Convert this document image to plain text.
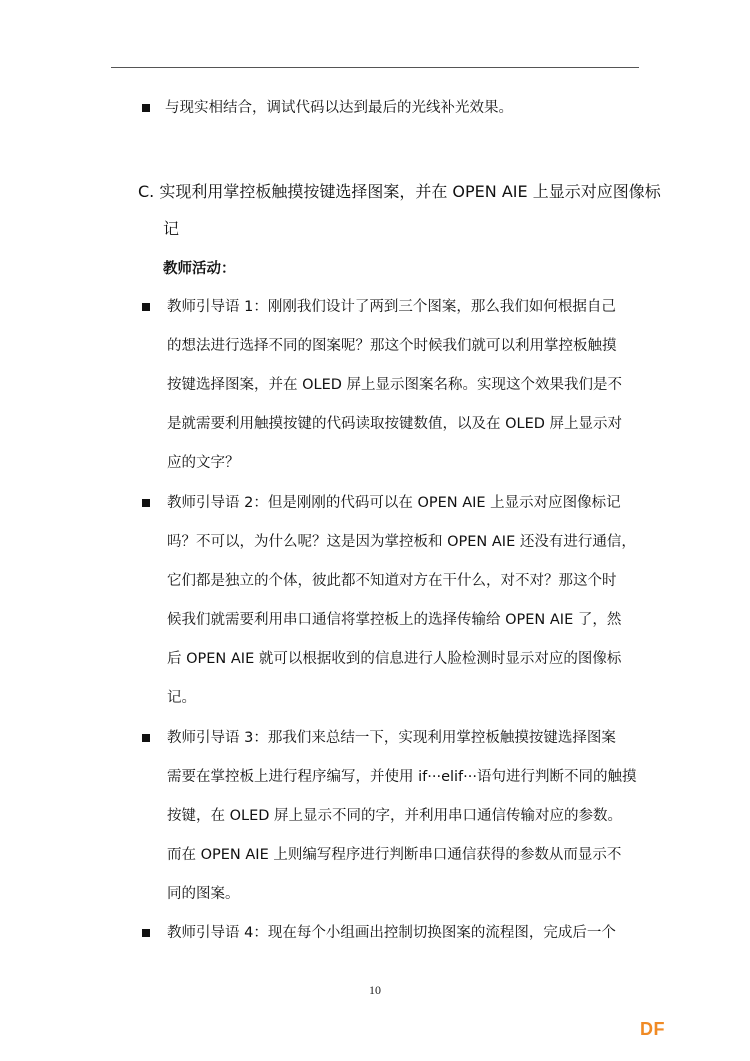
与现实相结合，调试代码以达到最后的光线补光效果。
C. 实现利用掌控板触摸按键选择图案，并在 OPEN AIE 上显示对应图像标
记
教师活动：
教师引导语 1：刚刚我们设计了两到三个图案，那么我们如何根据自己
的想法进行选择不同的图案呢？那这个时候我们就可以利用掌控板触摸
按键选择图案，并在 OLED 屏上显示图案名称。实现这个效果我们是不
是就需要利用触摸按键的代码读取按键数值，以及在 OLED 屏上显示对
应的文字？
教师引导语 2：但是刚刚的代码可以在 OPEN AIE 上显示对应图像标记
吗？不可以，为什么呢？这是因为掌控板和 OPEN AIE 还没有进行通信，
它们都是独立的个体，彼此都不知道对方在干什么，对不对？那这个时
候我们就需要利用串口通信将掌控板上的选择传输给 OPEN AIE 了，然
后 OPEN AIE 就可以根据收到的信息进行人脸检测时显示对应的图像标
记。
教师引导语 3：那我们来总结一下，实现利用掌控板触摸按键选择图案
需要在掌控板上进行程序编写，并使用 if···elif···语句进行判断不同的触摸
按键，在 OLED 屏上显示不同的字，并利用串口通信传输对应的参数。
而在 OPEN AIE 上则编写程序进行判断串口通信获得的参数从而显示不
同的图案。
教师引导语 4：现在每个小组画出控制切换图案的流程图，完成后一个
10
DF
